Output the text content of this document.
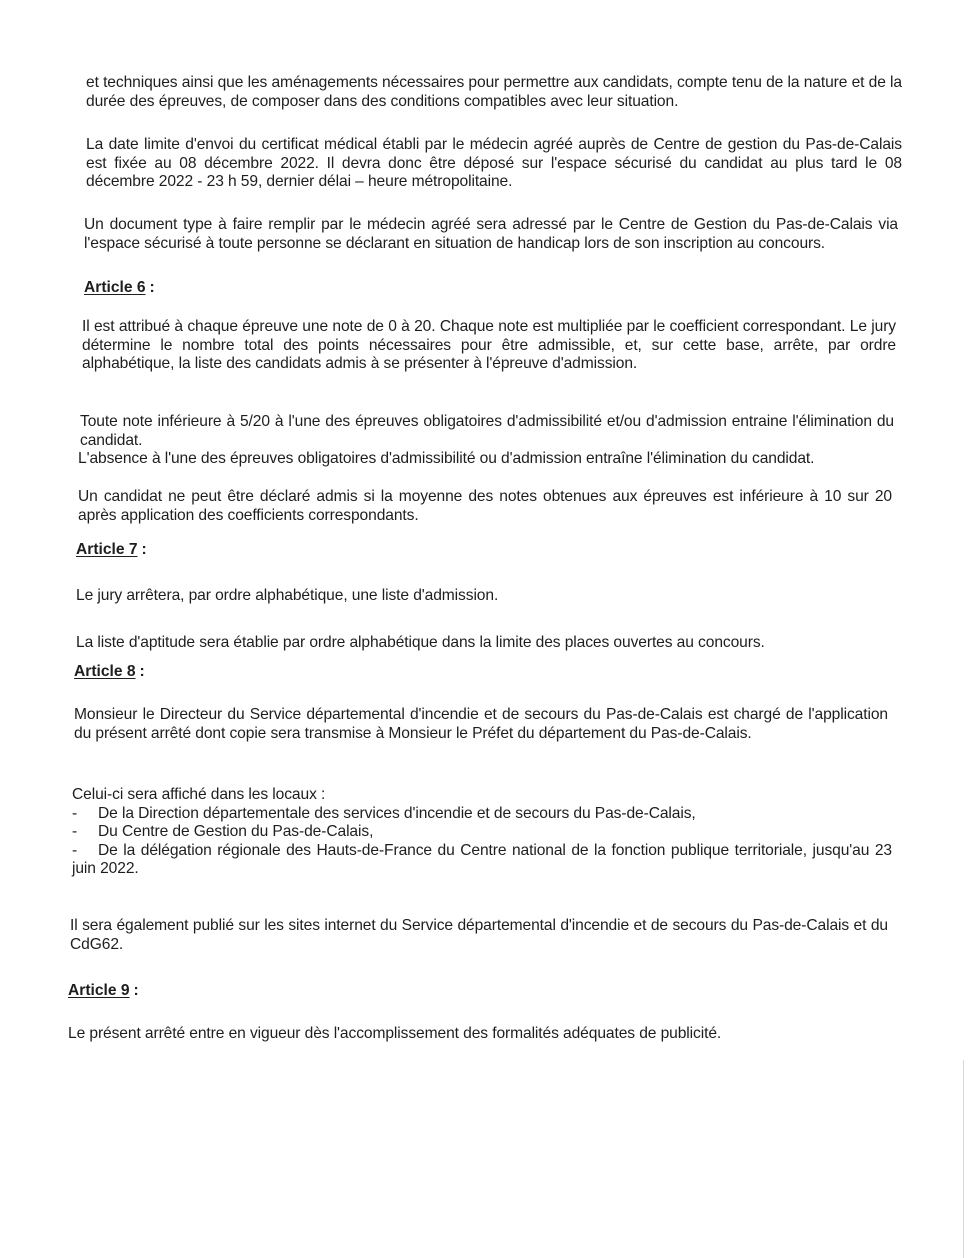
et techniques ainsi que les aménagements nécessaires pour permettre aux candidats, compte tenu de la nature et de la durée des épreuves, de composer dans des conditions compatibles avec leur situation.

La date limite d'envoi du certificat médical établi par le médecin agréé auprès de Centre de gestion du Pas-de-Calais est fixée au 08 décembre 2022. Il devra donc être déposé sur l'espace sécurisé du candidat au plus tard le 08 décembre 2022 - 23 h 59, dernier délai – heure métropolitaine.

Un document type à faire remplir par le médecin agréé sera adressé par le Centre de Gestion du Pas-de-Calais via l'espace sécurisé à toute personne se déclarant en situation de handicap lors de son inscription au concours.

Article 6 :

Il est attribué à chaque épreuve une note de 0 à 20. Chaque note est multipliée par le coefficient correspondant. Le jury détermine le nombre total des points nécessaires pour être admissible, et, sur cette base, arrête, par ordre alphabétique, la liste des candidats admis à se présenter à l'épreuve d'admission.

Toute note inférieure à 5/20 à l'une des épreuves obligatoires d'admissibilité et/ou d'admission entraine l'élimination du candidat.

L'absence à l'une des épreuves obligatoires d'admissibilité ou d'admission entraîne l'élimination du candidat.

Un candidat ne peut être déclaré admis si la moyenne des notes obtenues aux épreuves est inférieure à 10 sur 20 après application des coefficients correspondants.

Article 7 :

Le jury arrêtera, par ordre alphabétique, une liste d'admission.

La liste d'aptitude sera établie par ordre alphabétique dans la limite des places ouvertes au concours.

Article 8 :

Monsieur le Directeur du Service départemental d'incendie et de secours du Pas-de-Calais est chargé de l'application du présent arrêté dont copie sera transmise à Monsieur le Préfet du département du Pas-de-Calais.

Celui-ci sera affiché dans les locaux :

- De la Direction départementale des services d'incendie et de secours du Pas-de-Calais,
- Du Centre de Gestion du Pas-de-Calais,
- De la délégation régionale des Hauts-de-France du Centre national de la fonction publique territoriale, jusqu'au 23 juin 2022.

Il sera également publié sur les sites internet du Service départemental d'incendie et de secours du Pas-de-Calais et du CdG62.

Article 9 :

Le présent arrêté entre en vigueur dès l'accomplissement des formalités adéquates de publicité.
